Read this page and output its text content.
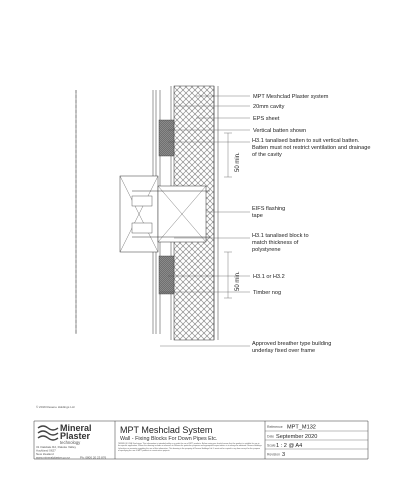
50 min.
50 min.
MPT Meshclad Plaster system
20mm cavity
EPS sheet
Vertical batten shown
H3.1 tanalised batten to suit vertical batten. Batten must not restrict ventilation and drainage of the cavity
EIFS flashing tape
H3.1 tanalised block to match thickness of polystyrene
H3.1 or H3.2
Timber nog
Approved breather type building underlay fixed over frame
© 2019 Resene Holdings Ltd
Mineral
Plaster
technology
31 Oakdale Rd, Ratoke Valley
Auckland 0627
New Zealand
www.mineralplaster.co.nz	Ph: 0800 20 23 876
MPT Meshclad System
Wall - Fixing Blocks For Down Pipes Etc.
Reference MPT_M132
Date September 2020
Scale 1 : 2 @ A4
Revision 3
TERMS OF USE Disclaimer: This information is intended solely as a guide for use of MPT products. Before using you should ensure that the product is suitable for use in the specific application. Where the drawing includes a reference to Resene for particular purposes and appropriate expert advice is to always be obtained. Resene Holdings Ltd makes no warranty regarding the use of this information. This drawing is the property of Resene Holdings Ltd. It must not be copied in any form except for the purpose of specifying the use of MPT products in construction projects.
